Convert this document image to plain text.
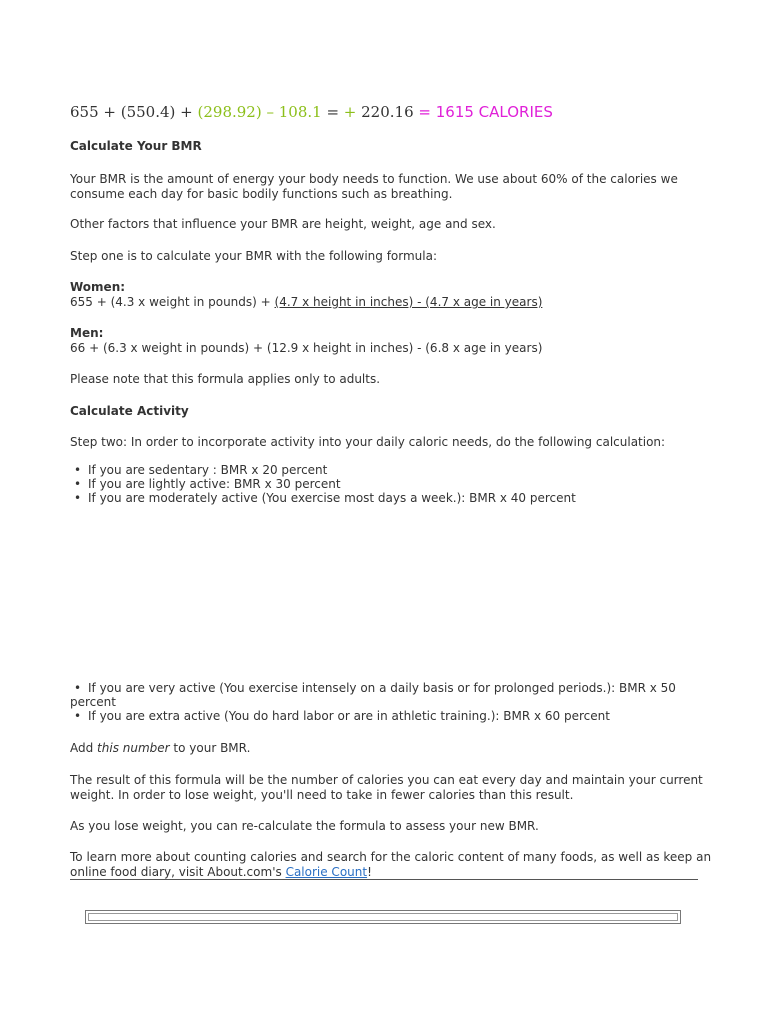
655 + (550.4) + (298.92) – 108.1 = + 220.16 = 1615 CALORIES
Calculate Your BMR
Your BMR is the amount of energy your body needs to function. We use about 60% of the calories we
consume each day for basic bodily functions such as breathing.
Other factors that influence your BMR are height, weight, age and sex.
Step one is to calculate your BMR with the following formula:
Women:
655 + (4.3 x weight in pounds) + (4.7 x height in inches) - (4.7 x age in years)
Men:
66 + (6.3 x weight in pounds) + (12.9 x height in inches) - (6.8 x age in years)
Please note that this formula applies only to adults.
Calculate Activity
Step two: In order to incorporate activity into your daily caloric needs, do the following calculation:
• If you are sedentary : BMR x 20 percent
• If you are lightly active: BMR x 30 percent
• If you are moderately active (You exercise most days a week.): BMR x 40 percent
• If you are very active (You exercise intensely on a daily basis or for prolonged periods.): BMR x 50
percent
• If you are extra active (You do hard labor or are in athletic training.): BMR x 60 percent
Add this number to your BMR.
The result of this formula will be the number of calories you can eat every day and maintain your current
weight. In order to lose weight, you'll need to take in fewer calories than this result.
As you lose weight, you can re-calculate the formula to assess your new BMR.
To learn more about counting calories and search for the caloric content of many foods, as well as keep an
online food diary, visit About.com's Calorie Count!
